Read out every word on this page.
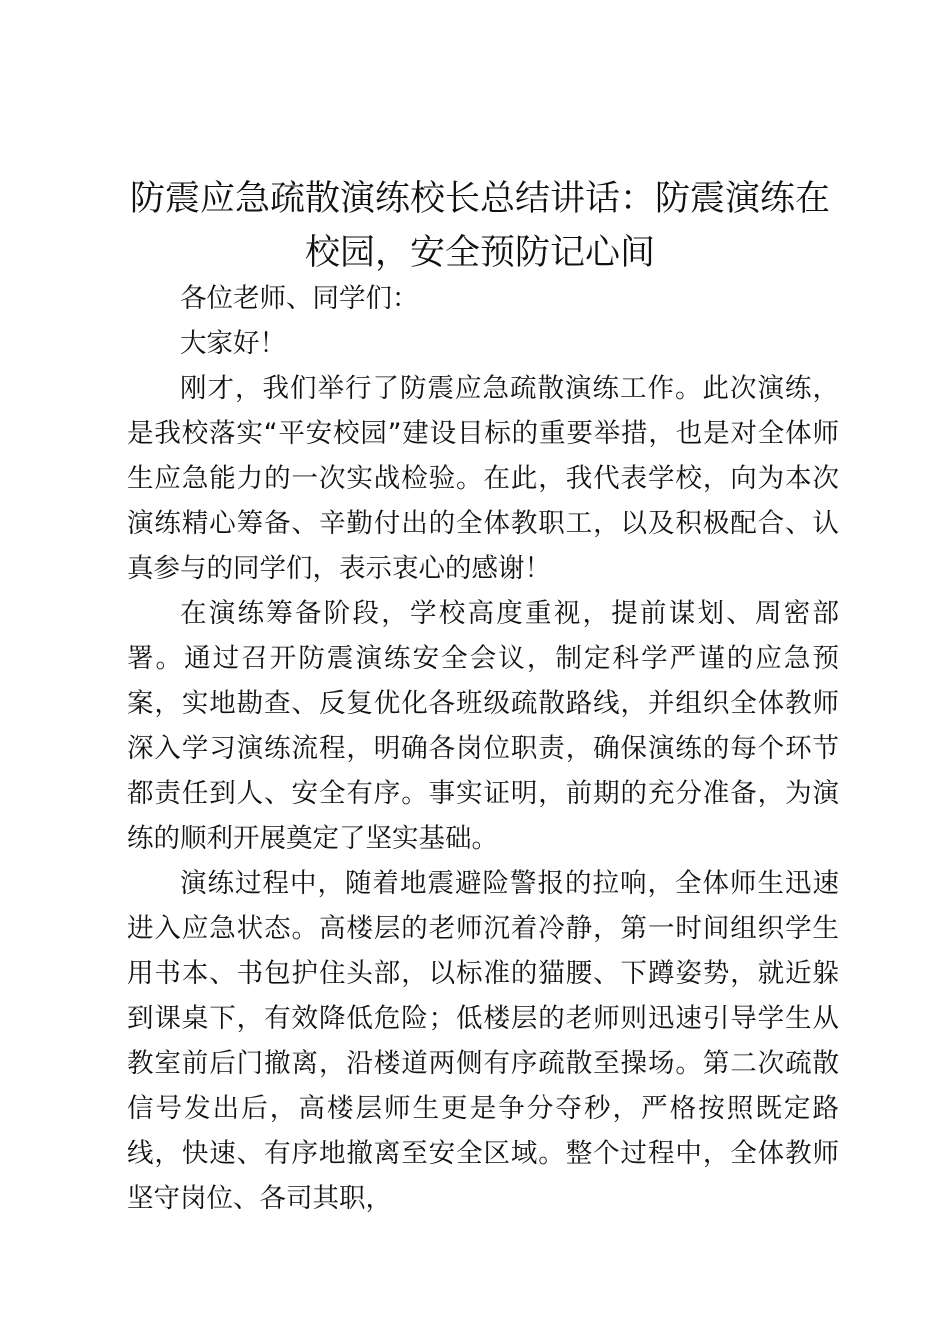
防震应急疏散演练校长总结讲话：防震演练在
校园，安全预防记心间

各位老师、同学们：

大家好！

刚才，我们举行了防震应急疏散演练工作。此次演练，是我校落实“平安校园”建设目标的重要举措，也是对全体师生应急能力的一次实战检验。在此，我代表学校，向为本次演练精心筹备、辛勤付出的全体教职工，以及积极配合、认真参与的同学们，表示衷心的感谢！

在演练筹备阶段，学校高度重视，提前谋划、周密部署。通过召开防震演练安全会议，制定科学严谨的应急预案，实地勘查、反复优化各班级疏散路线，并组织全体教师深入学习演练流程，明确各岗位职责，确保演练的每个环节都责任到人、安全有序。事实证明，前期的充分准备，为演练的顺利开展奠定了坚实基础。

演练过程中，随着地震避险警报的拉响，全体师生迅速进入应急状态。高楼层的老师沉着冷静，第一时间组织学生用书本、书包护住头部，以标准的猫腰、下蹲姿势，就近躲到课桌下，有效降低危险；低楼层的老师则迅速引导学生从教室前后门撤离，沿楼道两侧有序疏散至操场。第二次疏散信号发出后，高楼层师生更是争分夺秒，严格按照既定路线，快速、有序地撤离至安全区域。整个过程中，全体教师坚守岗位、各司其职，
